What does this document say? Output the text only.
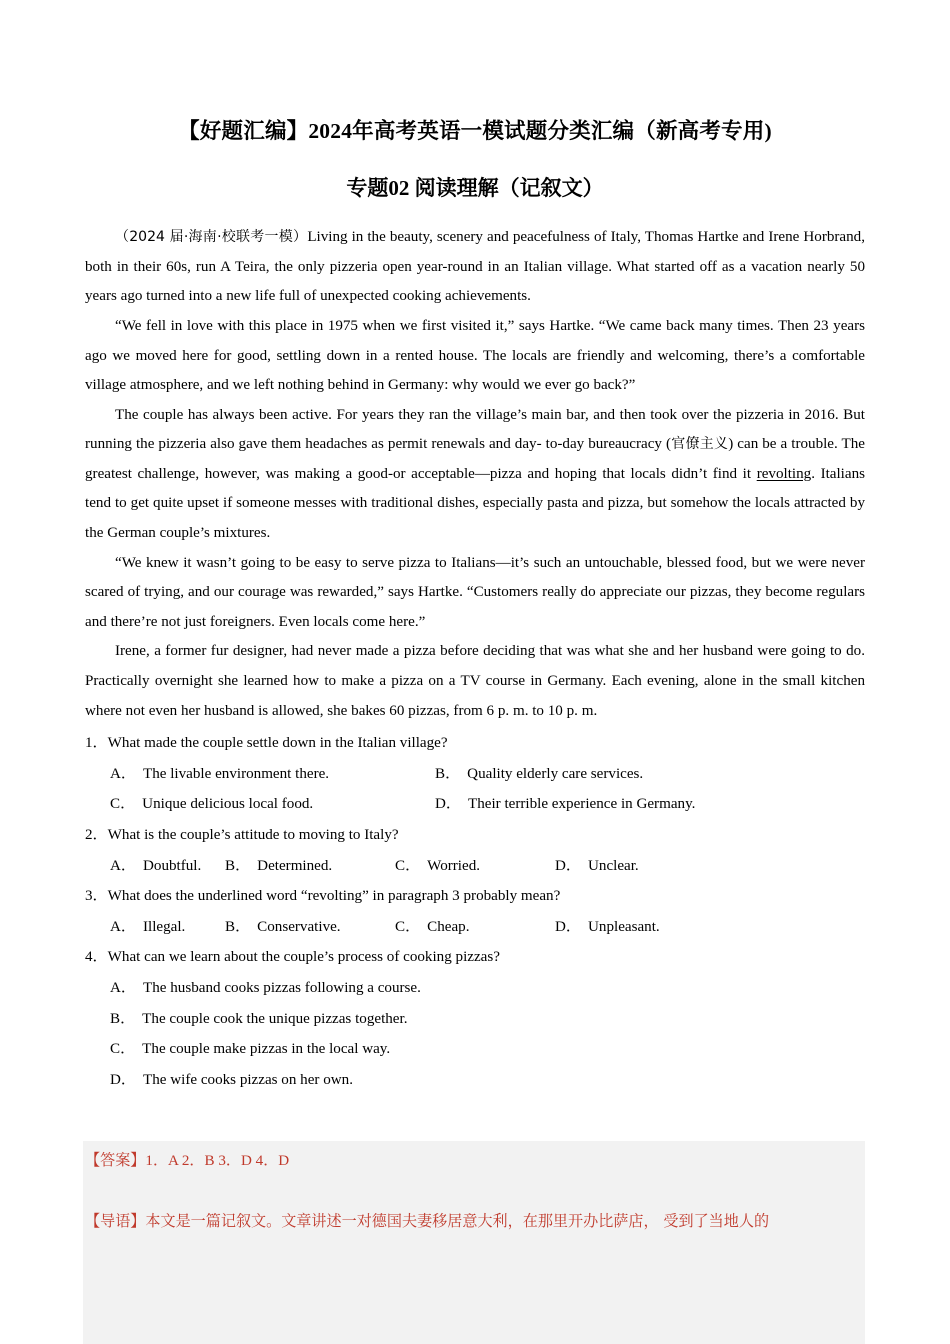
【好题汇编】2024年高考英语一模试题分类汇编（新高考专用)
专题02 阅读理解（记叙文）

（2024 届·海南·校联考一模）Living in the beauty, scenery and peacefulness of Italy, Thomas Hartke and Irene Horbrand, both in their 60s, run A Teira, the only pizzeria open year-round in an Italian village. What started off as a vacation nearly 50 years ago turned into a new life full of unexpected cooking achievements.

“We fell in love with this place in 1975 when we first visited it,” says Hartke. “We came back many times. Then 23 years ago we moved here for good, settling down in a rented house. The locals are friendly and welcoming, there’s a comfortable village atmosphere, and we left nothing behind in Germany: why would we ever go back?”

The couple has always been active. For years they ran the village’s main bar, and then took over the pizzeria in 2016. But running the pizzeria also gave them headaches as permit renewals and day- to-day bureaucracy (官僚主义) can be a trouble. The greatest challenge, however, was making a good-or acceptable—pizza and hoping that locals didn’t find it revolting. Italians tend to get quite upset if someone messes with traditional dishes, especially pasta and pizza, but somehow the locals attracted by the German couple’s mixtures.

“We knew it wasn’t going to be easy to serve pizza to Italians—it’s such an untouchable, blessed food, but we were never scared of trying, and our courage was rewarded,” says Hartke. “Customers really do appreciate our pizzas, they become regulars and there’re not just foreigners. Even locals come here.”

Irene, a former fur designer, had never made a pizza before deciding that was what she and her husband were going to do. Practically overnight she learned how to make a pizza on a TV course in Germany. Each evening, alone in the small kitchen where not even her husband is allowed, she bakes 60 pizzas, from 6 p. m. to 10 p. m.

1．What made the couple settle down in the Italian village?
A． The livable environment there.	B． Quality elderly care services.
C． Unique delicious local food.	D． Their terrible experience in Germany.
2．What is the couple’s attitude to moving to Italy?
A． Doubtful. B． Determined.	C． Worried.	D． Unclear.
3．What does the underlined word “revolting” in paragraph 3 probably mean?
A． Illegal.	B． Conservative.	C． Cheap.	D． Unpleasant.
4．What can we learn about the couple’s process of cooking pizzas?
A． The husband cooks pizzas following a course.
B． The couple cook the unique pizzas together.
C． The couple make pizzas in the local way.
D． The wife cooks pizzas on her own.
【答案】1．A 2．B 3．D 4．D
【导语】本文是一篇记叙文。文章讲述一对德国夫妻移居意大利，在那里开办比萨店， 受到了当地人的
